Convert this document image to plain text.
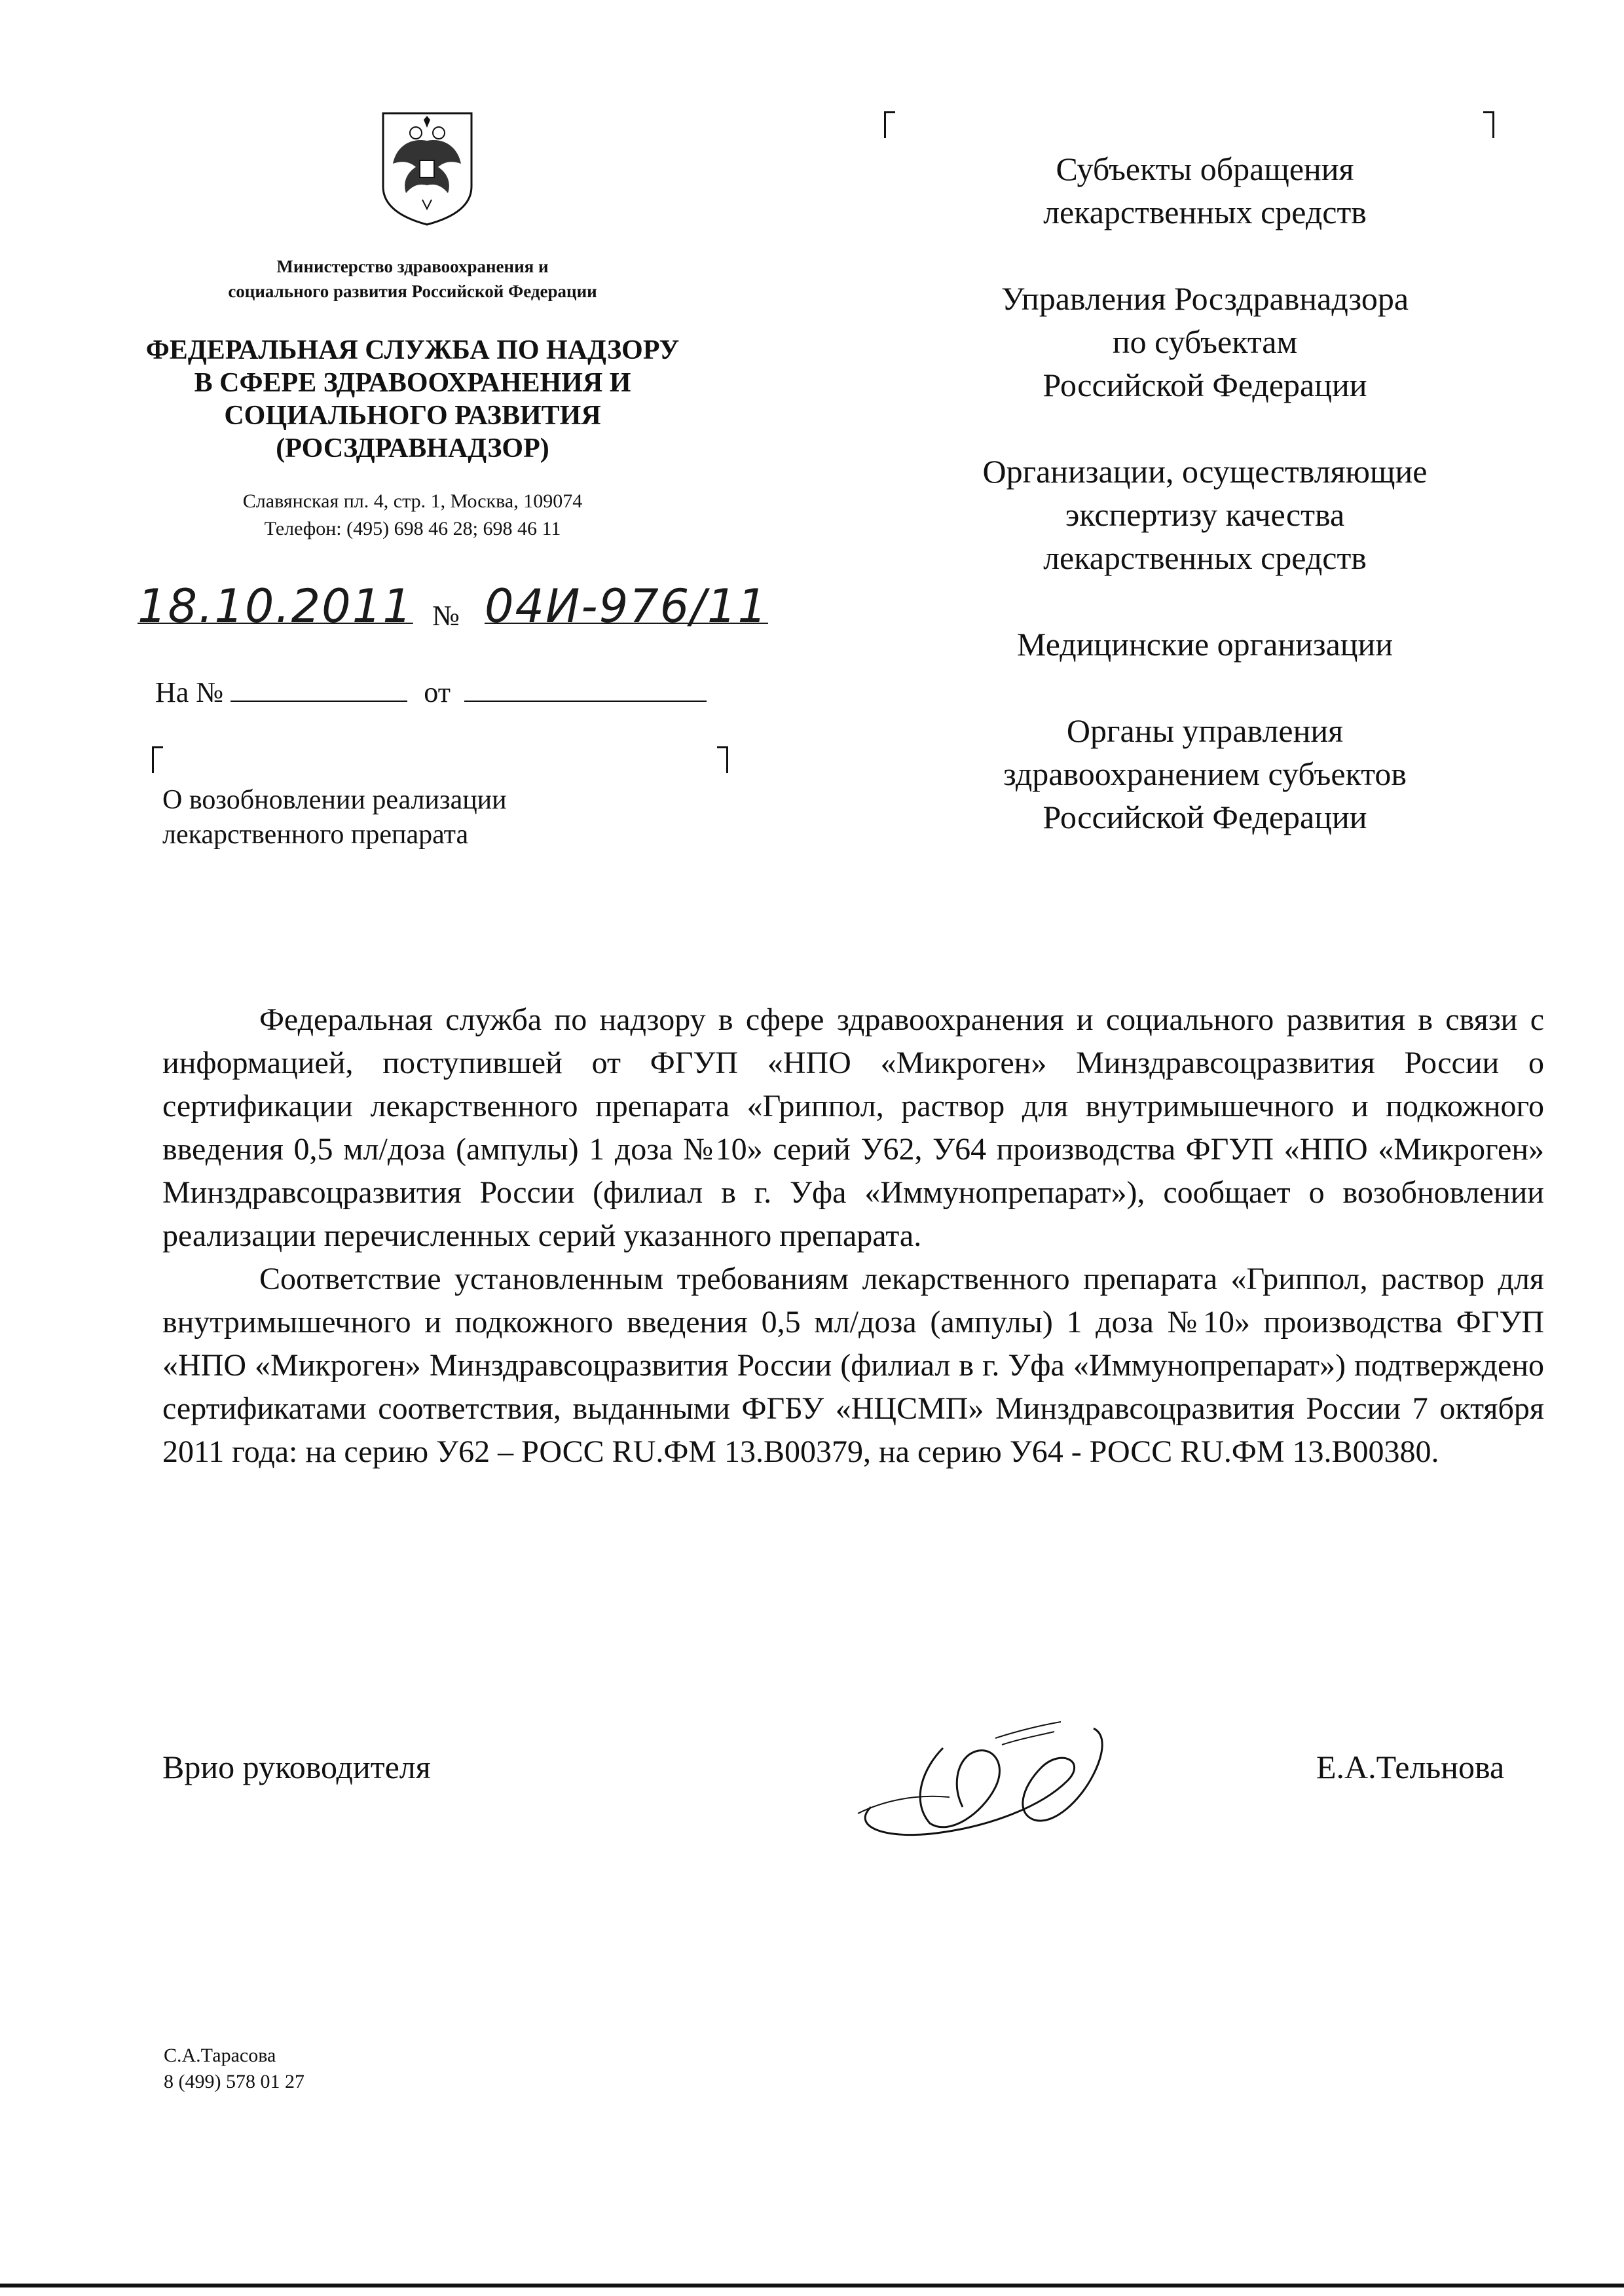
Министерство здравоохранения и
социального развития Российской Федерации
ФЕДЕРАЛЬНАЯ СЛУЖБА ПО НАДЗОРУ
В СФЕРЕ ЗДРАВООХРАНЕНИЯ И
СОЦИАЛЬНОГО РАЗВИТИЯ
(РОСЗДРАВНАДЗОР)
Славянская пл. 4, стр. 1, Москва, 109074
Телефон: (495) 698 46 28; 698 46 11
18.10.2011 № 04И-976/11
На №	от
О возобновлении реализации
лекарственного препарата

Субъекты обращения
лекарственных средств

Управления Росздравнадзора
по субъектам
Российской Федерации

Организации, осуществляющие
экспертизу качества
лекарственных средств

Медицинские организации

Органы управления
здравоохранением субъектов
Российской Федерации

Федеральная служба по надзору в сфере здравоохранения и социального развития в связи с информацией, поступившей от ФГУП «НПО «Микроген» Минздравсоцразвития России о сертификации лекарственного препарата «Гриппол, раствор для внутримышечного и подкожного введения 0,5 мл/доза (ампулы) 1 доза №10» серий У62, У64 производства ФГУП «НПО «Микроген» Минздравсоцразвития России (филиал в г. Уфа «Иммунопрепарат»), сообщает о возобновлении реализации перечисленных серий указанного препарата.

Соответствие установленным требованиям лекарственного препарата «Гриппол, раствор для внутримышечного и подкожного введения 0,5 мл/доза (ампулы) 1 доза №10» производства ФГУП «НПО «Микроген» Минздравсоцразвития России (филиал в г. Уфа «Иммунопрепарат») подтверждено сертификатами соответствия, выданными ФГБУ «НЦСМП» Минздравсоцразвития России 7 октября 2011 года: на серию У62 – РОСС RU.ФМ 13.В00379, на серию У64 - РОСС RU.ФМ 13.В00380.

Врио руководителя	Е.А.Тельнова
С.А.Тарасова
8 (499) 578 01 27
